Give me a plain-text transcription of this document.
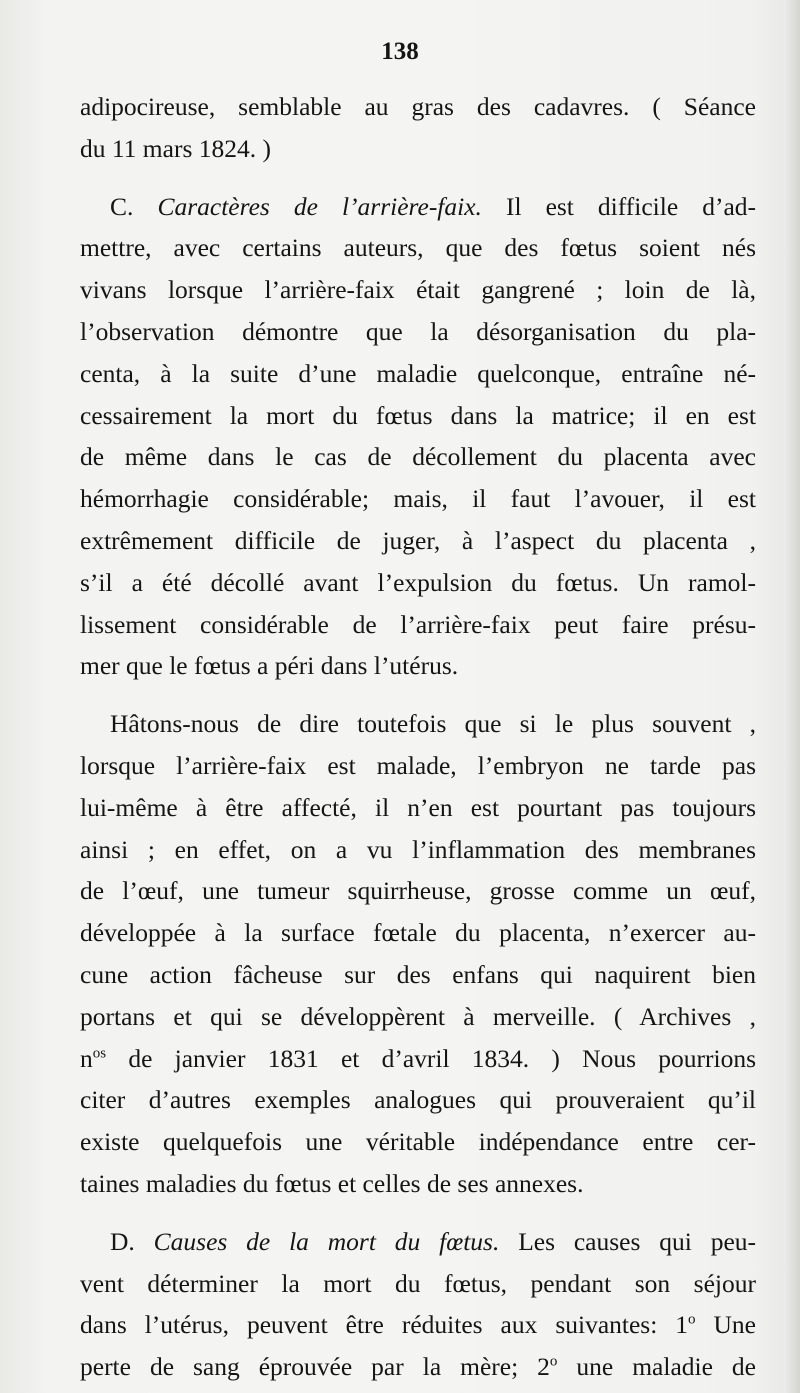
138

adipocireuse, semblable au gras des cadavres. ( Séance
du 11 mars 1824. )
C. Caractères de l’arrière-faix. Il est difficile d’ad-
mettre, avec certains auteurs, que des fœtus soient nés
vivans lorsque l’arrière-faix était gangrené ; loin de là,
l’observation démontre que la désorganisation du pla-
centa, à la suite d’une maladie quelconque, entraîne né-
cessairement la mort du fœtus dans la matrice; il en est
de même dans le cas de décollement du placenta avec
hémorrhagie considérable; mais, il faut l’avouer, il est
extrêmement difficile de juger, à l’aspect du placenta ,
s’il a été décollé avant l’expulsion du fœtus. Un ramol-
lissement considérable de l’arrière-faix peut faire présu-
mer que le fœtus a péri dans l’utérus.
Hâtons-nous de dire toutefois que si le plus souvent ,
lorsque l’arrière-faix est malade, l’embryon ne tarde pas
lui-même à être affecté, il n’en est pourtant pas toujours
ainsi ; en effet, on a vu l’inflammation des membranes
de l’œuf, une tumeur squirrheuse, grosse comme un œuf,
développée à la surface fœtale du placenta, n’exercer au-
cune action fâcheuse sur des enfans qui naquirent bien
portans et qui se développèrent à merveille. ( Archives ,
$n^{os}$ de janvier 1831 et d’avril 1834. ) Nous pourrions
citer d’autres exemples analogues qui prouveraient qu’il
existe quelquefois une véritable indépendance entre cer-
taines maladies du fœtus et celles de ses annexes.
D. Causes de la mort du fœtus. Les causes qui peu-
vent déterminer la mort du fœtus, pendant son séjour
dans l’utérus, peuvent être réduites aux suivantes: 1$^o$ Une
perte de sang éprouvée par la mère; 2$^o$ une maladie de
